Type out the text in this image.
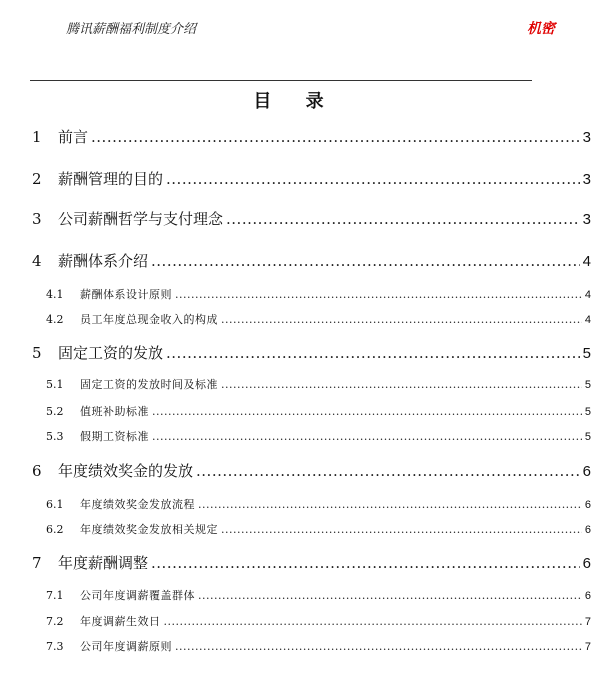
腾讯薪酬福利制度介绍	机密
目 录
1	前言 .....	3
2	薪酬管理的目的 .....	3
3	公司薪酬哲学与支付理念 .....	3
4	薪酬体系介绍 .....	4
4.1	薪酬体系设计原则 .....	4
4.2	员工年度总现金收入的构成 .....	4
5	固定工资的发放 .....	5
5.1	固定工资的发放时间及标准 .....	5
5.2	值班补助标准 .....	5
5.3	假期工资标准 .....	5
6	年度绩效奖金的发放 .....	6
6.1	年度绩效奖金发放流程 .....	6
6.2	年度绩效奖金发放相关规定 .....	6
7	年度薪酬调整 .....	6
7.1	公司年度调薪覆盖群体 .....	6
7.2	年度调薪生效日 .....	7
7.3	公司年度调薪原则 .....	7
